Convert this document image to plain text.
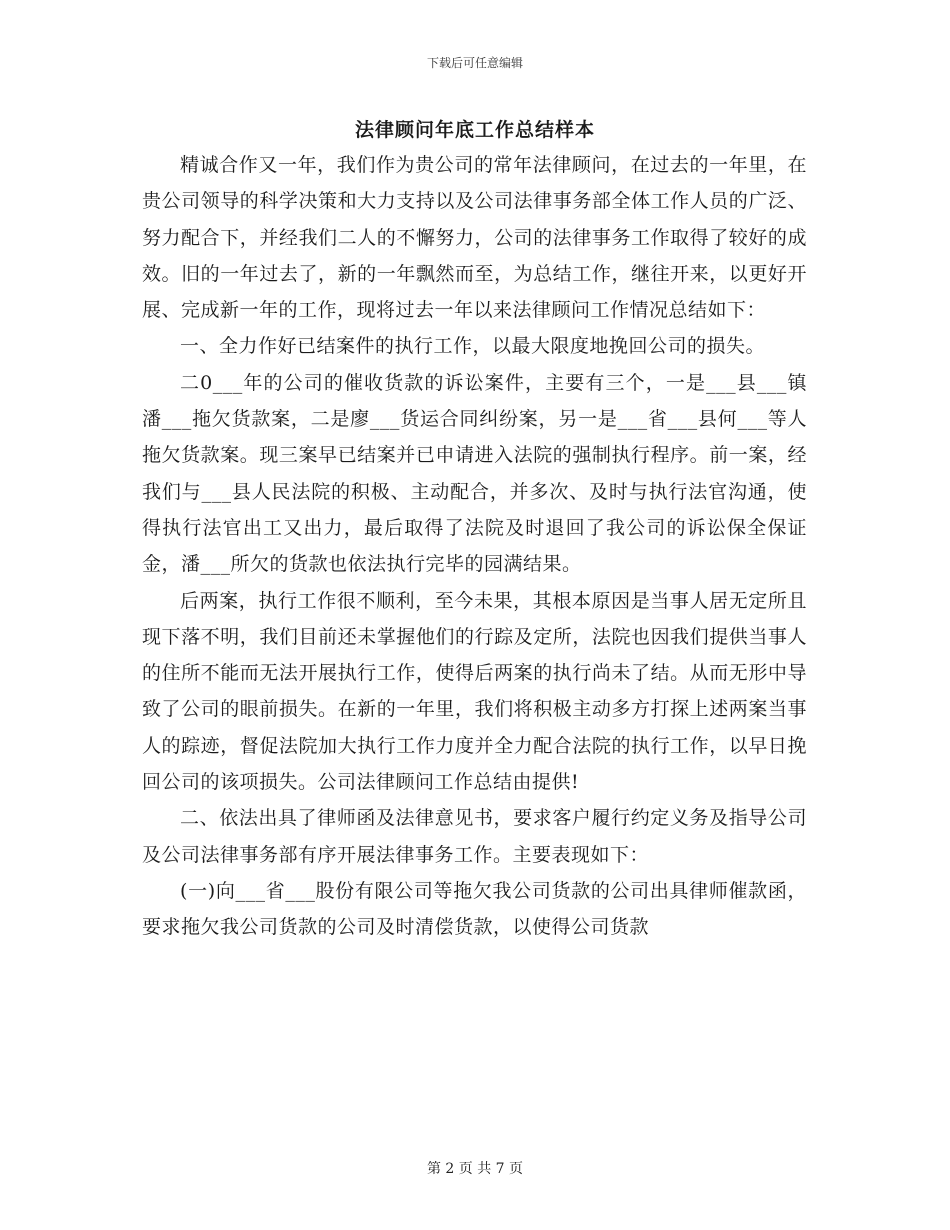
下载后可任意编辑
法律顾问年底工作总结样本

精诚合作又一年，我们作为贵公司的常年法律顾问，在过去的一年里，在贵公司领导的科学决策和大力支持以及公司法律事务部全体工作人员的广泛、努力配合下，并经我们二人的不懈努力，公司的法律事务工作取得了较好的成效。旧的一年过去了，新的一年飘然而至，为总结工作，继往开来，以更好开展、完成新一年的工作，现将过去一年以来法律顾问工作情况总结如下：

一、全力作好已结案件的执行工作，以最大限度地挽回公司的损失。

二0___年的公司的催收货款的诉讼案件，主要有三个，一是___县___镇潘___拖欠货款案，二是廖___货运合同纠纷案，另一是___省___县何___等人拖欠货款案。现三案早已结案并已申请进入法院的强制执行程序。前一案，经我们与___县人民法院的积极、主动配合，并多次、及时与执行法官沟通，使得执行法官出工又出力，最后取得了法院及时退回了我公司的诉讼保全保证金，潘___所欠的货款也依法执行完毕的园满结果。

后两案，执行工作很不顺利，至今未果，其根本原因是当事人居无定所且现下落不明，我们目前还未掌握他们的行踪及定所，法院也因我们提供当事人的住所不能而无法开展执行工作，使得后两案的执行尚未了结。从而无形中导致了公司的眼前损失。在新的一年里，我们将积极主动多方打探上述两案当事人的踪迹，督促法院加大执行工作力度并全力配合法院的执行工作，以早日挽回公司的该项损失。公司法律顾问工作总结由提供!

二、依法出具了律师函及法律意见书，要求客户履行约定义务及指导公司及公司法律事务部有序开展法律事务工作。主要表现如下：

(一)向___省___股份有限公司等拖欠我公司货款的公司出具律师催款函，要求拖欠我公司货款的公司及时清偿货款，以使得公司货款

第 2 页 共 7 页
